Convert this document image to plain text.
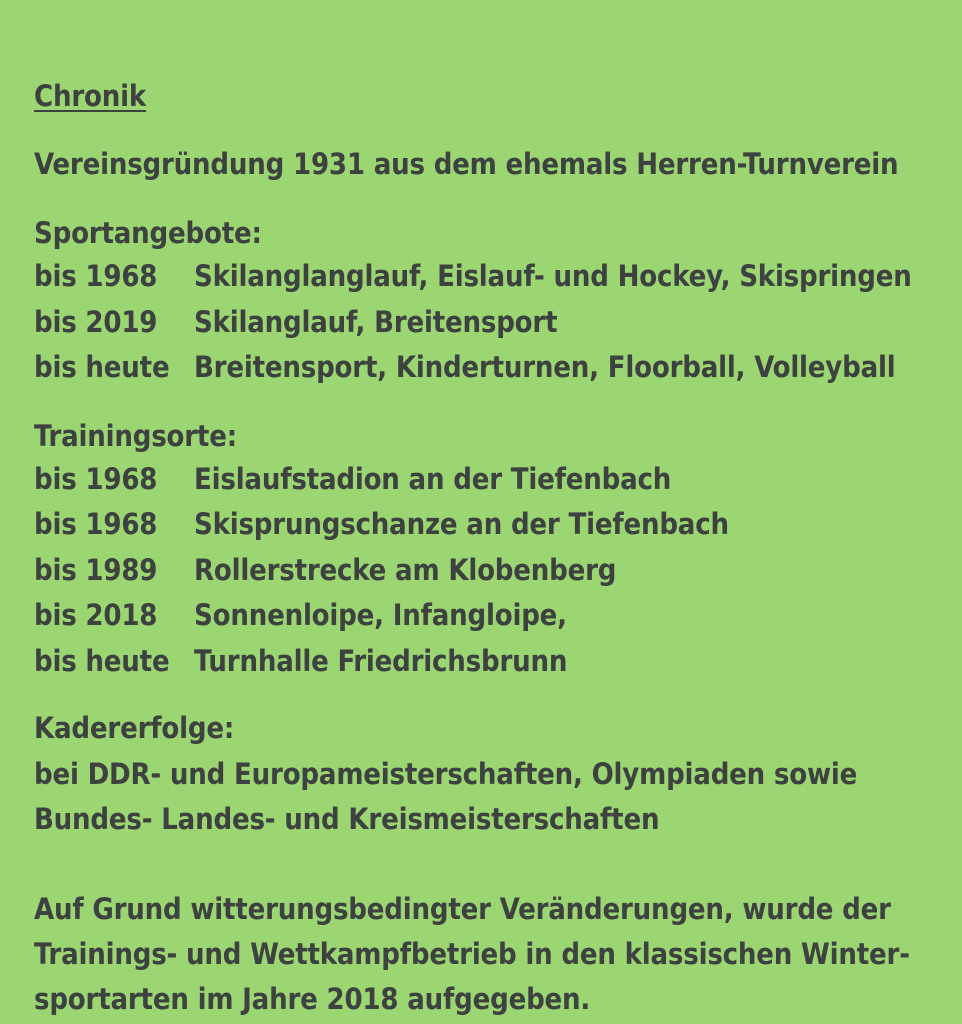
Chronik
Vereinsgründung 1931 aus dem ehemals Herren-Turnverein
Sportangebote:
bis 1968 Skilanglanglauf, Eislauf- und Hockey, Skispringen
bis 2019 Skilanglauf, Breitensport
bis heute Breitensport, Kinderturnen, Floorball, Volleyball
Trainingsorte:
bis 1968 Eislaufstadion an der Tiefenbach
bis 1968 Skisprungschanze an der Tiefenbach
bis 1989 Rollerstrecke am Klobenberg
bis 2018 Sonnenloipe, Infangloipe,
bis heute Turnhalle Friedrichsbrunn
Kadererfolge:
bei DDR- und Europameisterschaften, Olympiaden sowie
Bundes- Landes- und Kreismeisterschaften
Auf Grund witterungsbedingter Veränderungen, wurde der
Trainings- und Wettkampfbetrieb in den klassischen Winter-
sportarten im Jahre 2018 aufgegeben.
